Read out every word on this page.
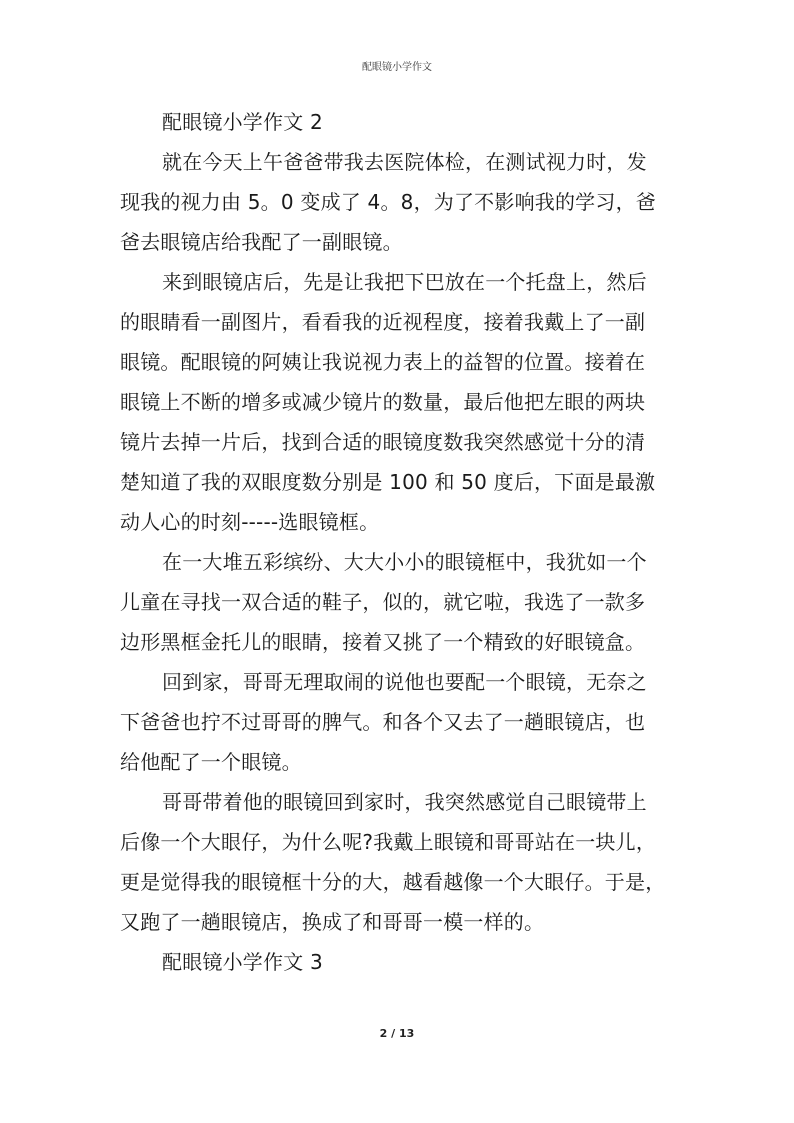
配眼镜小学作文
配眼镜小学作文 2
就在今天上午爸爸带我去医院体检，在测试视力时，发
现我的视力由 5。0 变成了 4。8，为了不影响我的学习，爸
爸去眼镜店给我配了一副眼镜。
来到眼镜店后，先是让我把下巴放在一个托盘上，然后
的眼睛看一副图片，看看我的近视程度，接着我戴上了一副
眼镜。配眼镜的阿姨让我说视力表上的益智的位置。接着在
眼镜上不断的增多或减少镜片的数量，最后他把左眼的两块
镜片去掉一片后，找到合适的眼镜度数我突然感觉十分的清
楚知道了我的双眼度数分别是 100 和 50 度后，下面是最激
动人心的时刻-----选眼镜框。
在一大堆五彩缤纷、大大小小的眼镜框中，我犹如一个
儿童在寻找一双合适的鞋子，似的，就它啦，我选了一款多
边形黑框金托儿的眼睛，接着又挑了一个精致的好眼镜盒。
回到家，哥哥无理取闹的说他也要配一个眼镜，无奈之
下爸爸也拧不过哥哥的脾气。和各个又去了一趟眼镜店，也
给他配了一个眼镜。
哥哥带着他的眼镜回到家时，我突然感觉自己眼镜带上
后像一个大眼仔，为什么呢?我戴上眼镜和哥哥站在一块儿，
更是觉得我的眼镜框十分的大，越看越像一个大眼仔。于是，
又跑了一趟眼镜店，换成了和哥哥一模一样的。
配眼镜小学作文 3
2 / 13
